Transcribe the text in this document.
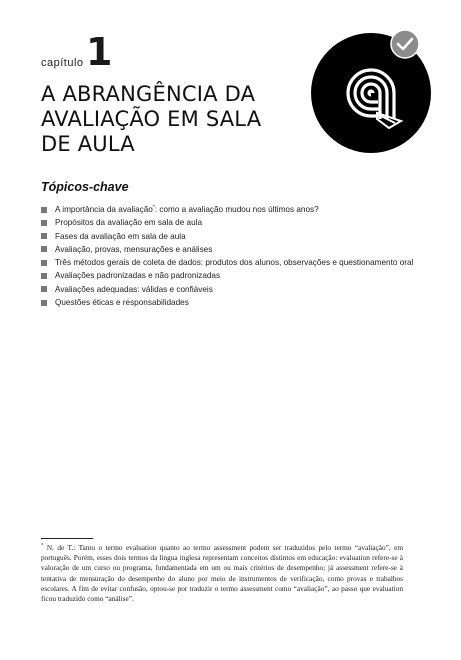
capítulo 1
A ABRANGÊNCIA DA
AVALIAÇÃO EM SALA
DE AULA
Tópicos-chave
A importância da avaliação*: como a avaliação mudou nos últimos anos?
Propósitos da avaliação em sala de aula
Fases da avaliação em sala de aula
Avaliação, provas, mensurações e análises
Três métodos gerais de coleta de dados: produtos dos alunos, observações e questionamento oral
Avaliações padronizadas e não padronizadas
Avaliações adequadas: válidas e confiáveis
Questões éticas e responsabilidades
* N. de T.: Tanto o termo evaluation quanto ao termo assessment podem ser traduzidos pelo termo “avaliação”, em português. Porém, esses dois termos da língua inglesa representam conceitos distintos em educação: evaluation refere-se à valoração de um curso ou programa, fundamentada em um ou mais critérios de desempenho; já assessment refere-se à tentativa de mensuração do desempenho do aluno por meio de instrumentos de verificação, como provas e trabalhos escolares. A fim de evitar confusão, optou-se por traduzir o termo assessment como “avaliação”, ao passo que evaluation ficou traduzido como “análise”.
